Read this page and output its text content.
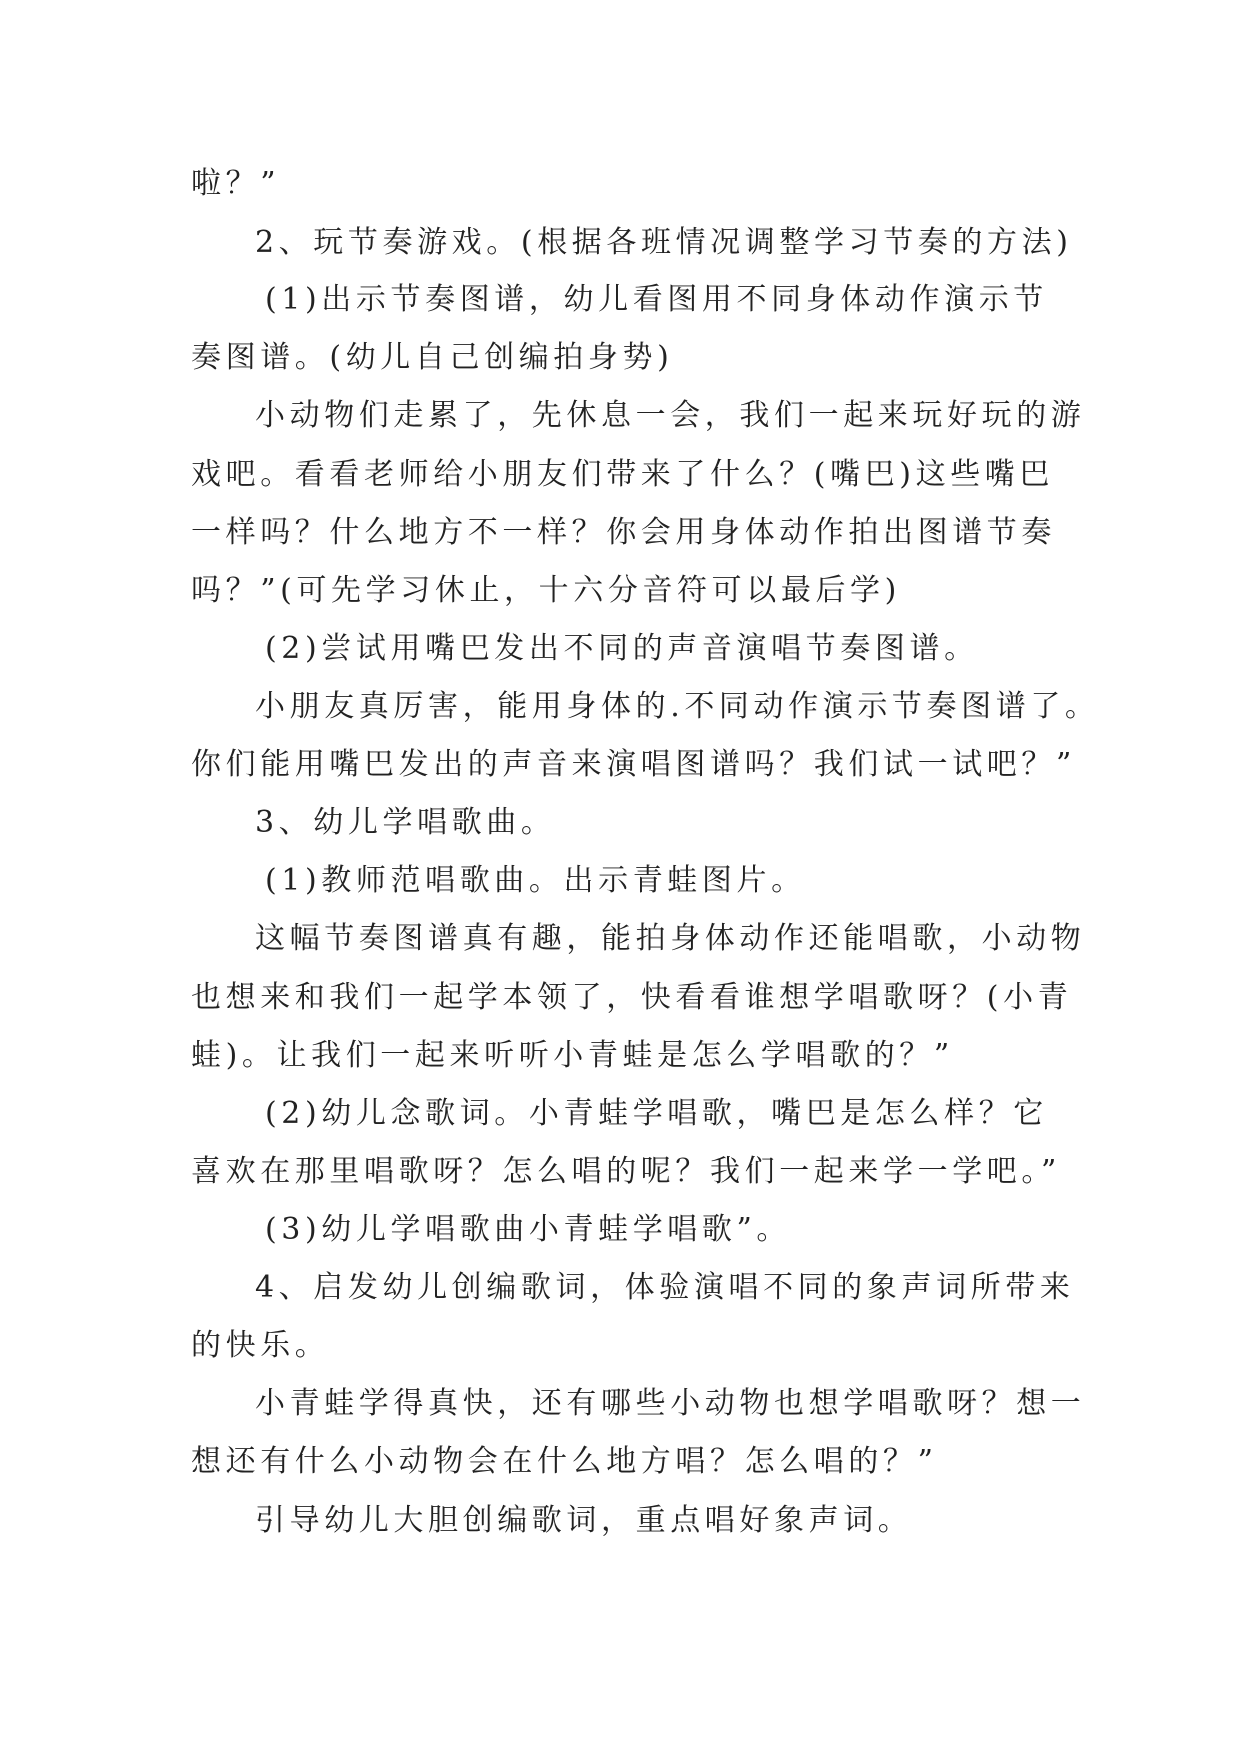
啦？”
2、玩节奏游戏。(根据各班情况调整学习节奏的方法)
(1)出示节奏图谱，幼儿看图用不同身体动作演示节
奏图谱。(幼儿自己创编拍身势)
小动物们走累了，先休息一会，我们一起来玩好玩的游
戏吧。看看老师给小朋友们带来了什么？(嘴巴)这些嘴巴
一样吗？什么地方不一样？你会用身体动作拍出图谱节奏
吗？”(可先学习休止，十六分音符可以最后学)
(2)尝试用嘴巴发出不同的声音演唱节奏图谱。
小朋友真厉害，能用身体的.不同动作演示节奏图谱了。
你们能用嘴巴发出的声音来演唱图谱吗？我们试一试吧？”
3、幼儿学唱歌曲。
(1)教师范唱歌曲。出示青蛙图片。
这幅节奏图谱真有趣，能拍身体动作还能唱歌，小动物
也想来和我们一起学本领了，快看看谁想学唱歌呀？(小青
蛙)。让我们一起来听听小青蛙是怎么学唱歌的？”
(2)幼儿念歌词。小青蛙学唱歌，嘴巴是怎么样？它
喜欢在那里唱歌呀？怎么唱的呢？我们一起来学一学吧。”
(3)幼儿学唱歌曲小青蛙学唱歌”。
4、启发幼儿创编歌词，体验演唱不同的象声词所带来
的快乐。
小青蛙学得真快，还有哪些小动物也想学唱歌呀？想一
想还有什么小动物会在什么地方唱？怎么唱的？”
引导幼儿大胆创编歌词，重点唱好象声词。
